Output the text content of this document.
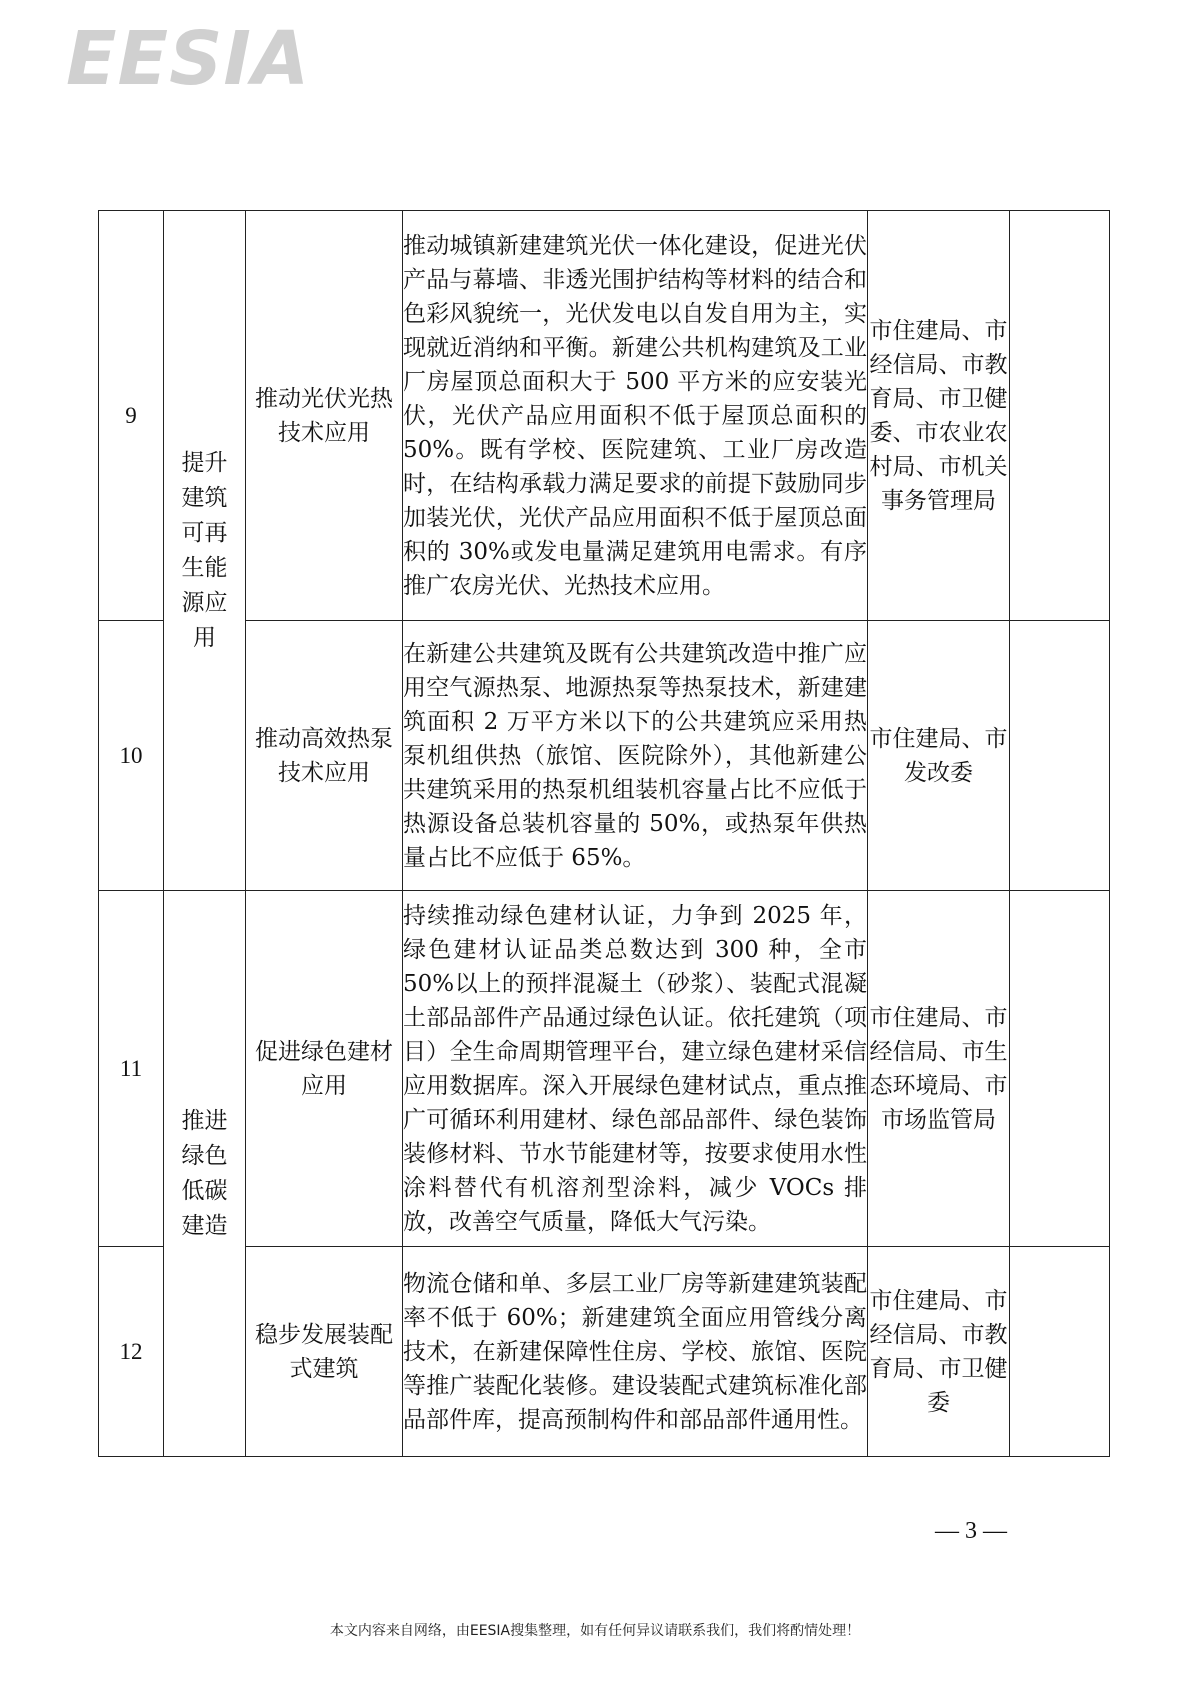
EESIA
9	提升建筑可再生能源应用	推动光伏光热技术应用	推动城镇新建建筑光伏一体化建设，促进光伏产品与幕墙、非透光围护结构等材料的结合和色彩风貌统一，光伏发电以自发自用为主，实现就近消纳和平衡。新建公共机构建筑及工业厂房屋顶总面积大于 500 平方米的应安装光伏，光伏产品应用面积不低于屋顶总面积的 50%。既有学校、医院建筑、工业厂房改造时，在结构承载力满足要求的前提下鼓励同步加装光伏，光伏产品应用面积不低于屋顶总面积的 30%或发电量满足建筑用电需求。有序推广农房光伏、光热技术应用。	市住建局、市经信局、市教育局、市卫健委、市农业农村局、市机关事务管理局	
10		推动高效热泵技术应用	在新建公共建筑及既有公共建筑改造中推广应用空气源热泵、地源热泵等热泵技术，新建建筑面积 2 万平方米以下的公共建筑应采用热泵机组供热（旅馆、医院除外），其他新建公共建筑采用的热泵机组装机容量占比不应低于热源设备总装机容量的 50%，或热泵年供热量占比不应低于 65%。	市住建局、市发改委	
11	推进绿色低碳建造	促进绿色建材应用	持续推动绿色建材认证，力争到 2025 年，绿色建材认证品类总数达到 300 种，全市 50%以上的预拌混凝土（砂浆）、装配式混凝土部品部件产品通过绿色认证。依托建筑（项目）全生命周期管理平台，建立绿色建材采信应用数据库。深入开展绿色建材试点，重点推广可循环利用建材、绿色部品部件、绿色装饰装修材料、节水节能建材等，按要求使用水性涂料替代有机溶剂型涂料，减少 VOCs 排放，改善空气质量，降低大气污染。	市住建局、市经信局、市生态环境局、市市场监管局	
12		稳步发展装配式建筑	物流仓储和单、多层工业厂房等新建建筑装配率不低于 60%；新建建筑全面应用管线分离技术，在新建保障性住房、学校、旅馆、医院等推广装配化装修。建设装配式建筑标准化部品部件库，提高预制构件和部品部件通用性。	市住建局、市经信局、市教育局、市卫健委	
— 3 —
本文内容来自网络，由EESIA搜集整理，如有任何异议请联系我们，我们将酌情处理！
